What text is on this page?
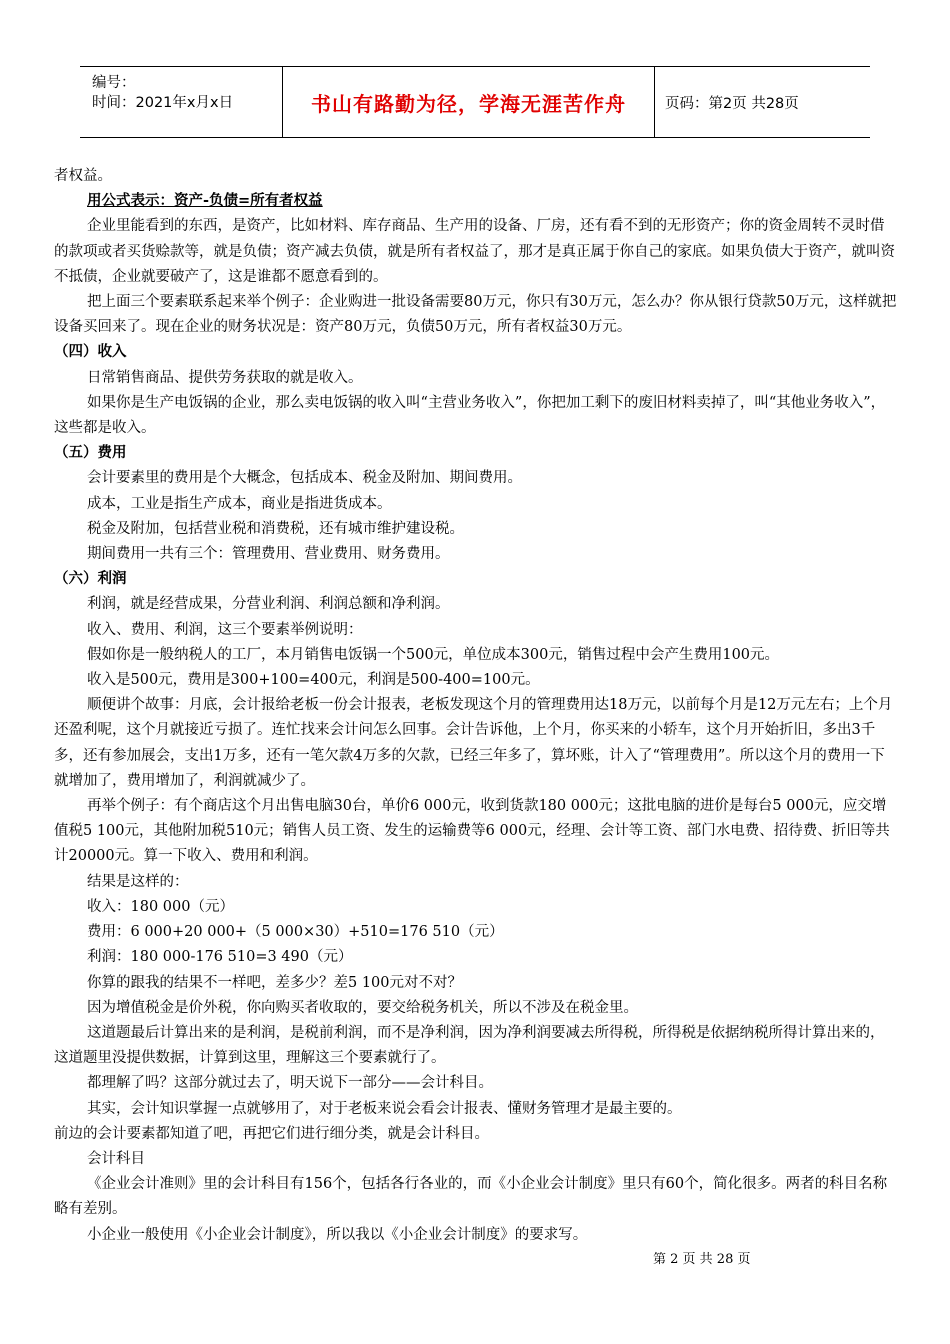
编号：
时间：2021年x月x日	书山有路勤为径，学海无涯苦作舟	页码：第2页 共28页

者权益。

用公式表示：资产-负债=所有者权益

企业里能看到的东西，是资产，比如材料、库存商品、生产用的设备、厂房，还有看不到的无形资产；你的资金周转不灵时借的款项或者买货赊款等，就是负债；资产减去负债，就是所有者权益了，那才是真正属于你自己的家底。如果负债大于资产，就叫资不抵债，企业就要破产了，这是谁都不愿意看到的。

把上面三个要素联系起来举个例子：企业购进一批设备需要80万元，你只有30万元，怎么办？你从银行贷款50万元，这样就把设备买回来了。现在企业的财务状况是：资产80万元，负债50万元，所有者权益30万元。

（四）收入

日常销售商品、提供劳务获取的就是收入。

如果你是生产电饭锅的企业，那么卖电饭锅的收入叫“主营业务收入”，你把加工剩下的废旧材料卖掉了，叫“其他业务收入”，这些都是收入。

（五）费用

会计要素里的费用是个大概念，包括成本、税金及附加、期间费用。

成本，工业是指生产成本，商业是指进货成本。

税金及附加，包括营业税和消费税，还有城市维护建设税。

期间费用一共有三个：管理费用、营业费用、财务费用。

（六）利润

利润，就是经营成果，分营业利润、利润总额和净利润。

收入、费用、利润，这三个要素举例说明：

假如你是一般纳税人的工厂，本月销售电饭锅一个500元，单位成本300元，销售过程中会产生费用100元。

收入是500元，费用是300+100=400元，利润是500-400=100元。

顺便讲个故事：月底，会计报给老板一份会计报表，老板发现这个月的管理费用达18万元，以前每个月是12万元左右；上个月还盈利呢，这个月就接近亏损了。连忙找来会计问怎么回事。会计告诉他，上个月，你买来的小轿车，这个月开始折旧，多出3千多，还有参加展会，支出1万多，还有一笔欠款4万多的欠款，已经三年多了，算坏账，计入了“管理费用”。所以这个月的费用一下就增加了，费用增加了，利润就减少了。

再举个例子：有个商店这个月出售电脑30台，单价6 000元，收到货款180 000元；这批电脑的进价是每台5 000元，应交增值税5 100元，其他附加税510元；销售人员工资、发生的运输费等6 000元，经理、会计等工资、部门水电费、招待费、折旧等共计20000元。算一下收入、费用和利润。

结果是这样的：

收入：180 000（元）

费用：6 000+20 000+（5 000×30）+510=176 510（元）

利润：180 000-176 510=3 490（元）

你算的跟我的结果不一样吧，差多少？差5 100元对不对？

因为增值税金是价外税，你向购买者收取的，要交给税务机关，所以不涉及在税金里。

这道题最后计算出来的是利润，是税前利润，而不是净利润，因为净利润要减去所得税，所得税是依据纳税所得计算出来的，这道题里没提供数据，计算到这里，理解这三个要素就行了。

都理解了吗？这部分就过去了，明天说下一部分——会计科目。

其实，会计知识掌握一点就够用了，对于老板来说会看会计报表、懂财务管理才是最主要的。

前边的会计要素都知道了吧，再把它们进行细分类，就是会计科目。

会计科目

《企业会计准则》里的会计科目有156个，包括各行各业的，而《小企业会计制度》里只有60个，简化很多。两者的科目名称略有差别。

小企业一般使用《小企业会计制度》，所以我以《小企业会计制度》的要求写。

第 2 页 共 28 页
